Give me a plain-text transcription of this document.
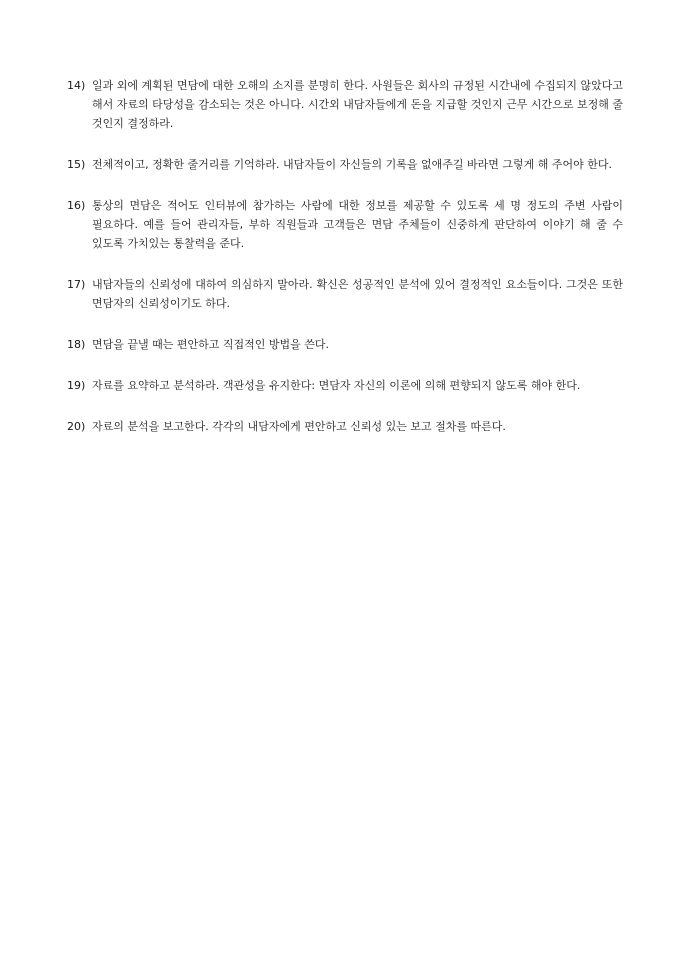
14) 일과 외에 계획된 면담에 대한 오해의 소지를 분명히 한다. 사원들은 회사의 규정된 시간내에 수집되지 않았다고 해서 자료의 타당성을 감소되는 것은 아니다. 시간외 내담자들에게 돈을 지급할 것인지 근무 시간으로 보정해 줄 것인지 결정하라.
15) 전체적이고, 정확한 줄거리를 기억하라. 내담자들이 자신들의 기록을 없애주길 바라면 그렇게 해 주어야 한다.
16) 통상의 면담은 적어도 인터뷰에 참가하는 사람에 대한 정보를 제공할 수 있도록 세 명 정도의 주변 사람이 필요하다. 예를 들어 관리자들, 부하 직원들과 고객들은 면담 주체들이 신중하게 판단하여 이야기 해 줄 수 있도록 가치있는 통찰력을 준다.
17) 내담자들의 신뢰성에 대하여 의심하지 말아라. 확신은 성공적인 분석에 있어 결정적인 요소들이다. 그것은 또한 면담자의 신뢰성이기도 하다.
18) 면담을 끝낼 때는 편안하고 직접적인 방법을 쓴다.
19) 자료를 요약하고 분석하라. 객관성을 유지한다: 면담자 자신의 이론에 의해 편향되지 않도록 해야 한다.
20) 자료의 분석을 보고한다. 각각의 내담자에게 편안하고 신뢰성 있는 보고 절차를 따른다.
